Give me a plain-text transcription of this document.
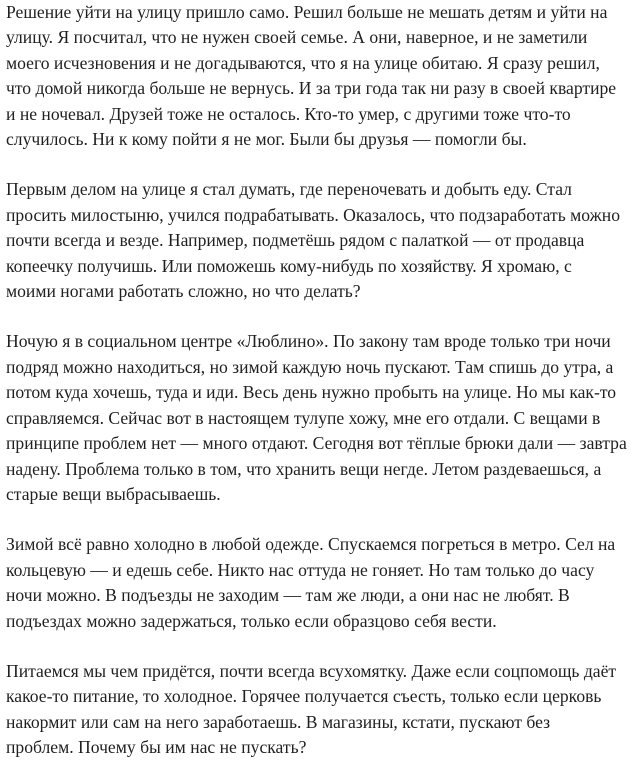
Решение уйти на улицу пришло само. Решил больше не мешать детям и уйти на
улицу. Я посчитал, что не нужен своей семье. А они, наверное, и не заметили
моего исчезновения и не догадываются, что я на улице обитаю. Я сразу решил,
что домой никогда больше не вернусь. И за три года так ни разу в своей квартире
и не ночевал. Друзей тоже не осталось. Кто-то умер, с другими тоже что-то
случилось. Ни к кому пойти я не мог. Были бы друзья — помогли бы.

Первым делом на улице я стал думать, где переночевать и добыть еду. Стал
просить милостыню, учился подрабатывать. Оказалось, что подзаработать можно
почти всегда и везде. Например, подметёшь рядом с палаткой — от продавца
копеечку получишь. Или поможешь кому-нибудь по хозяйству. Я хромаю, с
моими ногами работать сложно, но что делать?

Ночую я в социальном центре «Люблино». По закону там вроде только три ночи
подряд можно находиться, но зимой каждую ночь пускают. Там спишь до утра, а
потом куда хочешь, туда и иди. Весь день нужно пробыть на улице. Но мы как-то
справляемся. Сейчас вот в настоящем тулупе хожу, мне его отдали. С вещами в
принципе проблем нет — много отдают. Сегодня вот тёплые брюки дали — завтра
надену. Проблема только в том, что хранить вещи негде. Летом раздеваешься, а
старые вещи выбрасываешь.

Зимой всё равно холодно в любой одежде. Спускаемся погреться в метро. Сел на
кольцевую — и едешь себе. Никто нас оттуда не гоняет. Но там только до часу
ночи можно. В подъезды не заходим — там же люди, а они нас не любят. В
подъездах можно задержаться, только если образцово себя вести.

Питаемся мы чем придётся, почти всегда всухомятку. Даже если соцпомощь даёт
какое-то питание, то холодное. Горячее получается съесть, только если церковь
накормит или сам на него заработаешь. В магазины, кстати, пускают без
проблем. Почему бы им нас не пускать?
